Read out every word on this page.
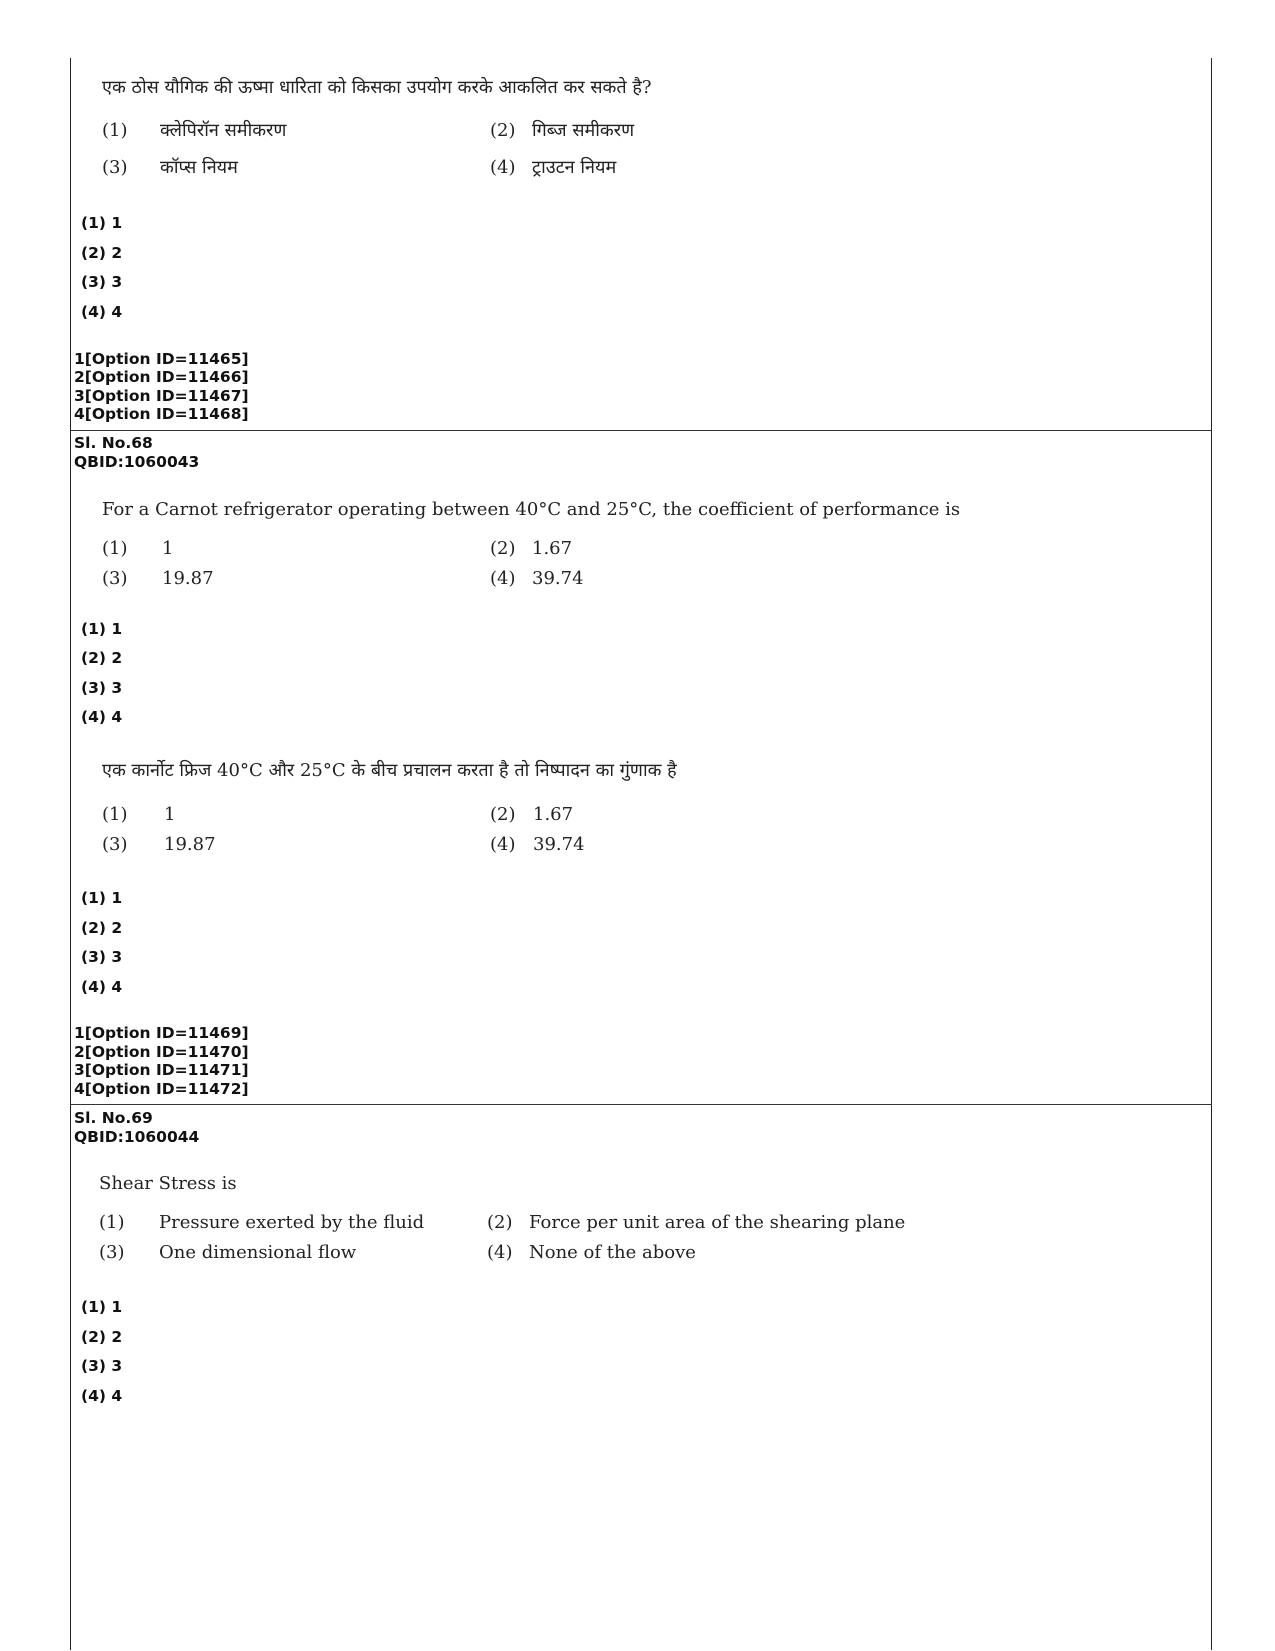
एक ठोस यौगिक की ऊष्मा धारिता को किसका उपयोग करके आकलित कर सकते है?
(1) क्लेपिरॉन समीकरण	(2) गिब्ज समीकरण
(3) कॉप्स नियम	(4) ट्राउटन नियम
(1) 1
(2) 2
(3) 3
(4) 4
1[Option ID=11465]
2[Option ID=11466]
3[Option ID=11467]
4[Option ID=11468]
Sl. No.68
QBID:1060043
For a Carnot refrigerator operating between 40°C and 25°C, the coefficient of performance is
(1) 1	(2) 1.67
(3) 19.87	(4) 39.74
(1) 1
(2) 2
(3) 3
(4) 4
एक कार्नोट फ्रिज 40°C और 25°C के बीच प्रचालन करता है तो निष्पादन का गुंणाक है
(1) 1	(2) 1.67
(3) 19.87	(4) 39.74
(1) 1
(2) 2
(3) 3
(4) 4
1[Option ID=11469]
2[Option ID=11470]
3[Option ID=11471]
4[Option ID=11472]
Sl. No.69
QBID:1060044
Shear Stress is
(1) Pressure exerted by the fluid	(2) Force per unit area of the shearing plane
(3) One dimensional flow	(4) None of the above
(1) 1
(2) 2
(3) 3
(4) 4
